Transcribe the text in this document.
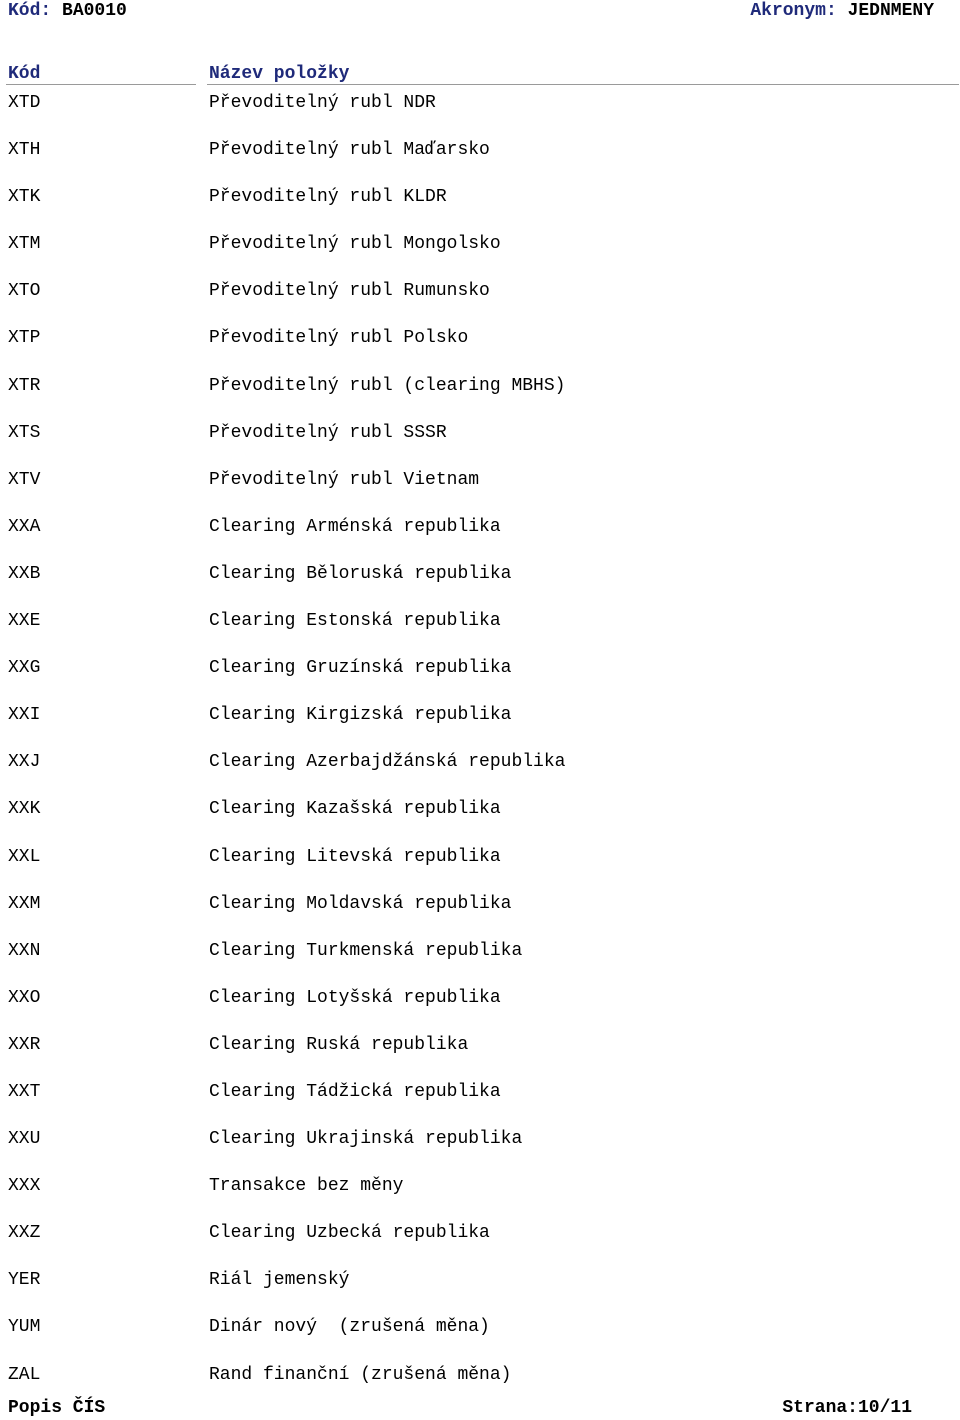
Kód: BA0010	Akronym: JEDNMENY
Kód	Název položky
XTD	Převoditelný rubl NDR
XTH	Převoditelný rubl Maďarsko
XTK	Převoditelný rubl KLDR
XTM	Převoditelný rubl Mongolsko
XTO	Převoditelný rubl Rumunsko
XTP	Převoditelný rubl Polsko
XTR	Převoditelný rubl (clearing MBHS)
XTS	Převoditelný rubl SSSR
XTV	Převoditelný rubl Vietnam
XXA	Clearing Arménská republika
XXB	Clearing Běloruská republika
XXE	Clearing Estonská republika
XXG	Clearing Gruzínská republika
XXI	Clearing Kirgizská republika
XXJ	Clearing Azerbajdžánská republika
XXK	Clearing Kazašská republika
XXL	Clearing Litevská republika
XXM	Clearing Moldavská republika
XXN	Clearing Turkmenská republika
XXO	Clearing Lotyšská republika
XXR	Clearing Ruská republika
XXT	Clearing Tádžická republika
XXU	Clearing Ukrajinská republika
XXX	Transakce bez měny
XXZ	Clearing Uzbecká republika
YER	Riál jemenský
YUM	Dinár nový  (zrušená měna)
ZAL	Rand finanční (zrušená měna)
Popis ČÍS	Strana:10/11
